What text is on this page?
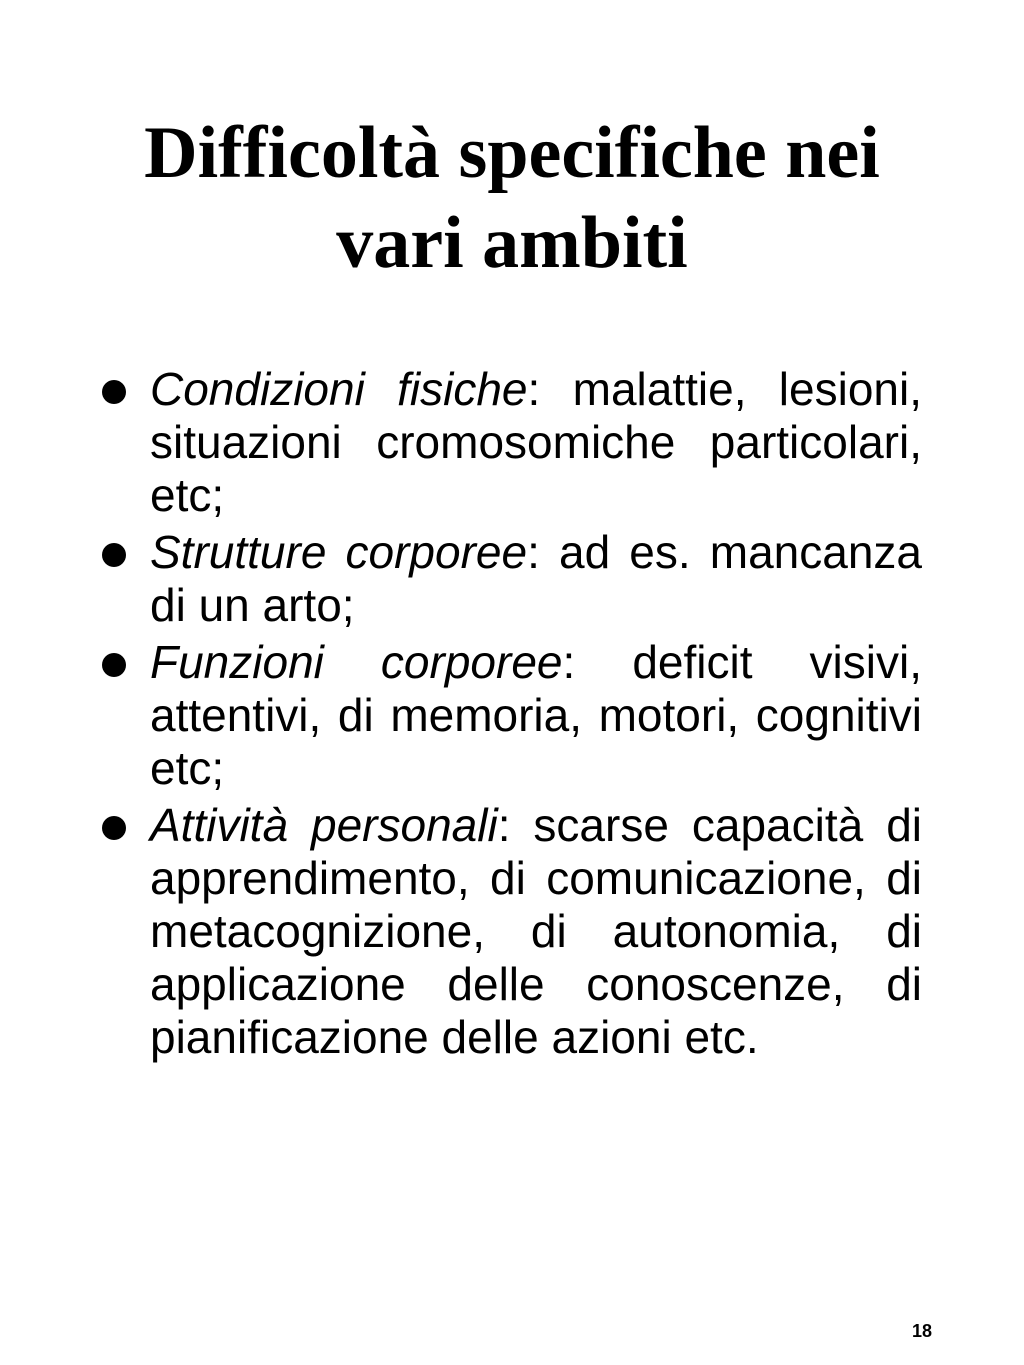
Difficoltà specifiche nei
vari ambiti
Condizioni fisiche: malattie, lesioni, situazioni cromosomiche particolari, etc;
Strutture corporee: ad es. mancanza di un arto;
Funzioni corporee: deficit visivi, attentivi, di memoria, motori, cognitivi etc;
Attività personali: scarse capacità di apprendimento, di comunicazione, di metacognizione, di autonomia, di applicazione delle conoscenze, di pianificazione delle azioni etc.
18
